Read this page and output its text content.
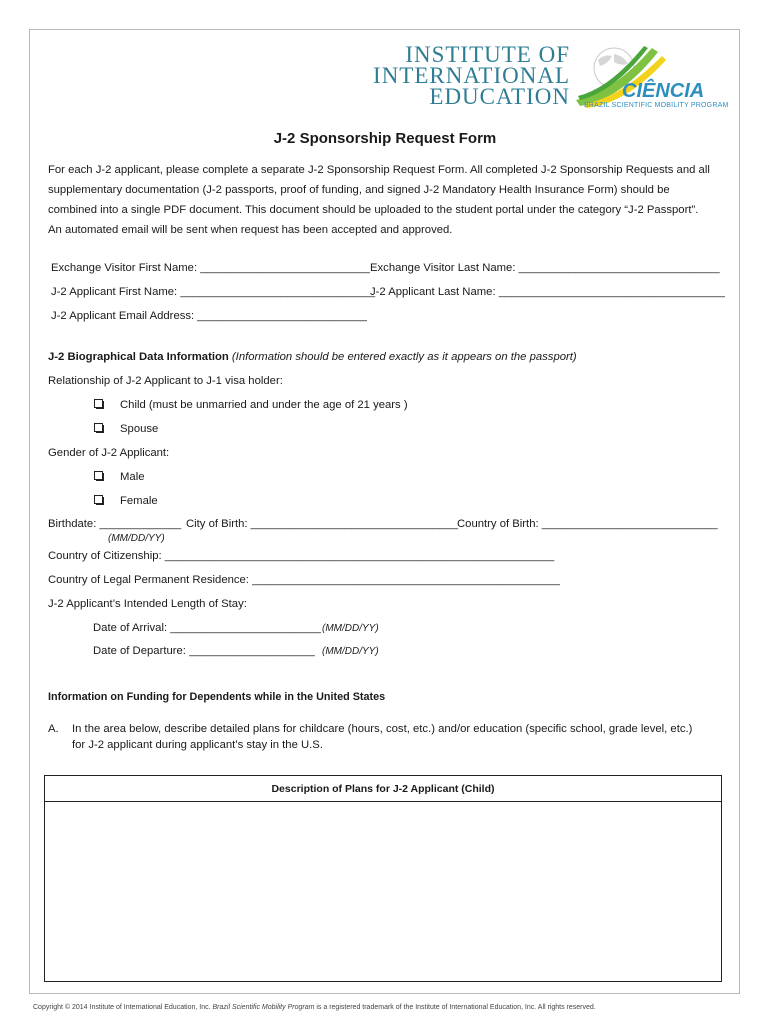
INSTITUTE OF
INTERNATIONAL
EDUCATION	CIÊNCIA
BRAZIL SCIENTIFIC MOBILITY PROGRAM
J-2 Sponsorship Request Form
For each J-2 applicant, please complete a separate J-2 Sponsorship Request Form. All completed J-2 Sponsorship Requests and all
supplementary documentation (J-2 passports, proof of funding, and signed J-2 Mandatory Health Insurance Form) should be
combined into a single PDF document. This document should be uploaded to the student portal under the category “J-2 Passport”.
An automated email will be sent when request has been accepted and approved.
Exchange Visitor First Name: ___________________________ Exchange Visitor Last Name: ________________________________
J-2 Applicant First Name: _______________________________
J-2 Applicant Last Name: ____________________________________
J-2 Applicant Email Address: ___________________________
J-2 Biographical Data Information (Information should be entered exactly as it appears on the passport)
Relationship of J-2 Applicant to J-1 visa holder:
Child (must be unmarried and under the age of 21 years )
Spouse
Gender of J-2 Applicant:
Male
Female
Birthdate: _____________ City of Birth: _________________________________ Country of Birth: ____________________________
(MM/DD/YY)
Country of Citizenship: ______________________________________________________________
Country of Legal Permanent Residence: _________________________________________________
J-2 Applicant’s Intended Length of Stay:
Date of Arrival: ________________________ (MM/DD/YY)
Date of Departure: ____________________ (MM/DD/YY)
Information on Funding for Dependents while in the United States
A. In the area below, describe detailed plans for childcare (hours, cost, etc.) and/or education (specific school, grade level, etc.)
for J-2 applicant during applicant’s stay in the U.S.
Description of Plans for J-2 Applicant (Child)
Copyright © 2014 Institute of International Education, Inc. Brazil Scientific Mobility Program is a registered trademark of the Institute of International Education, Inc. All rights reserved.
